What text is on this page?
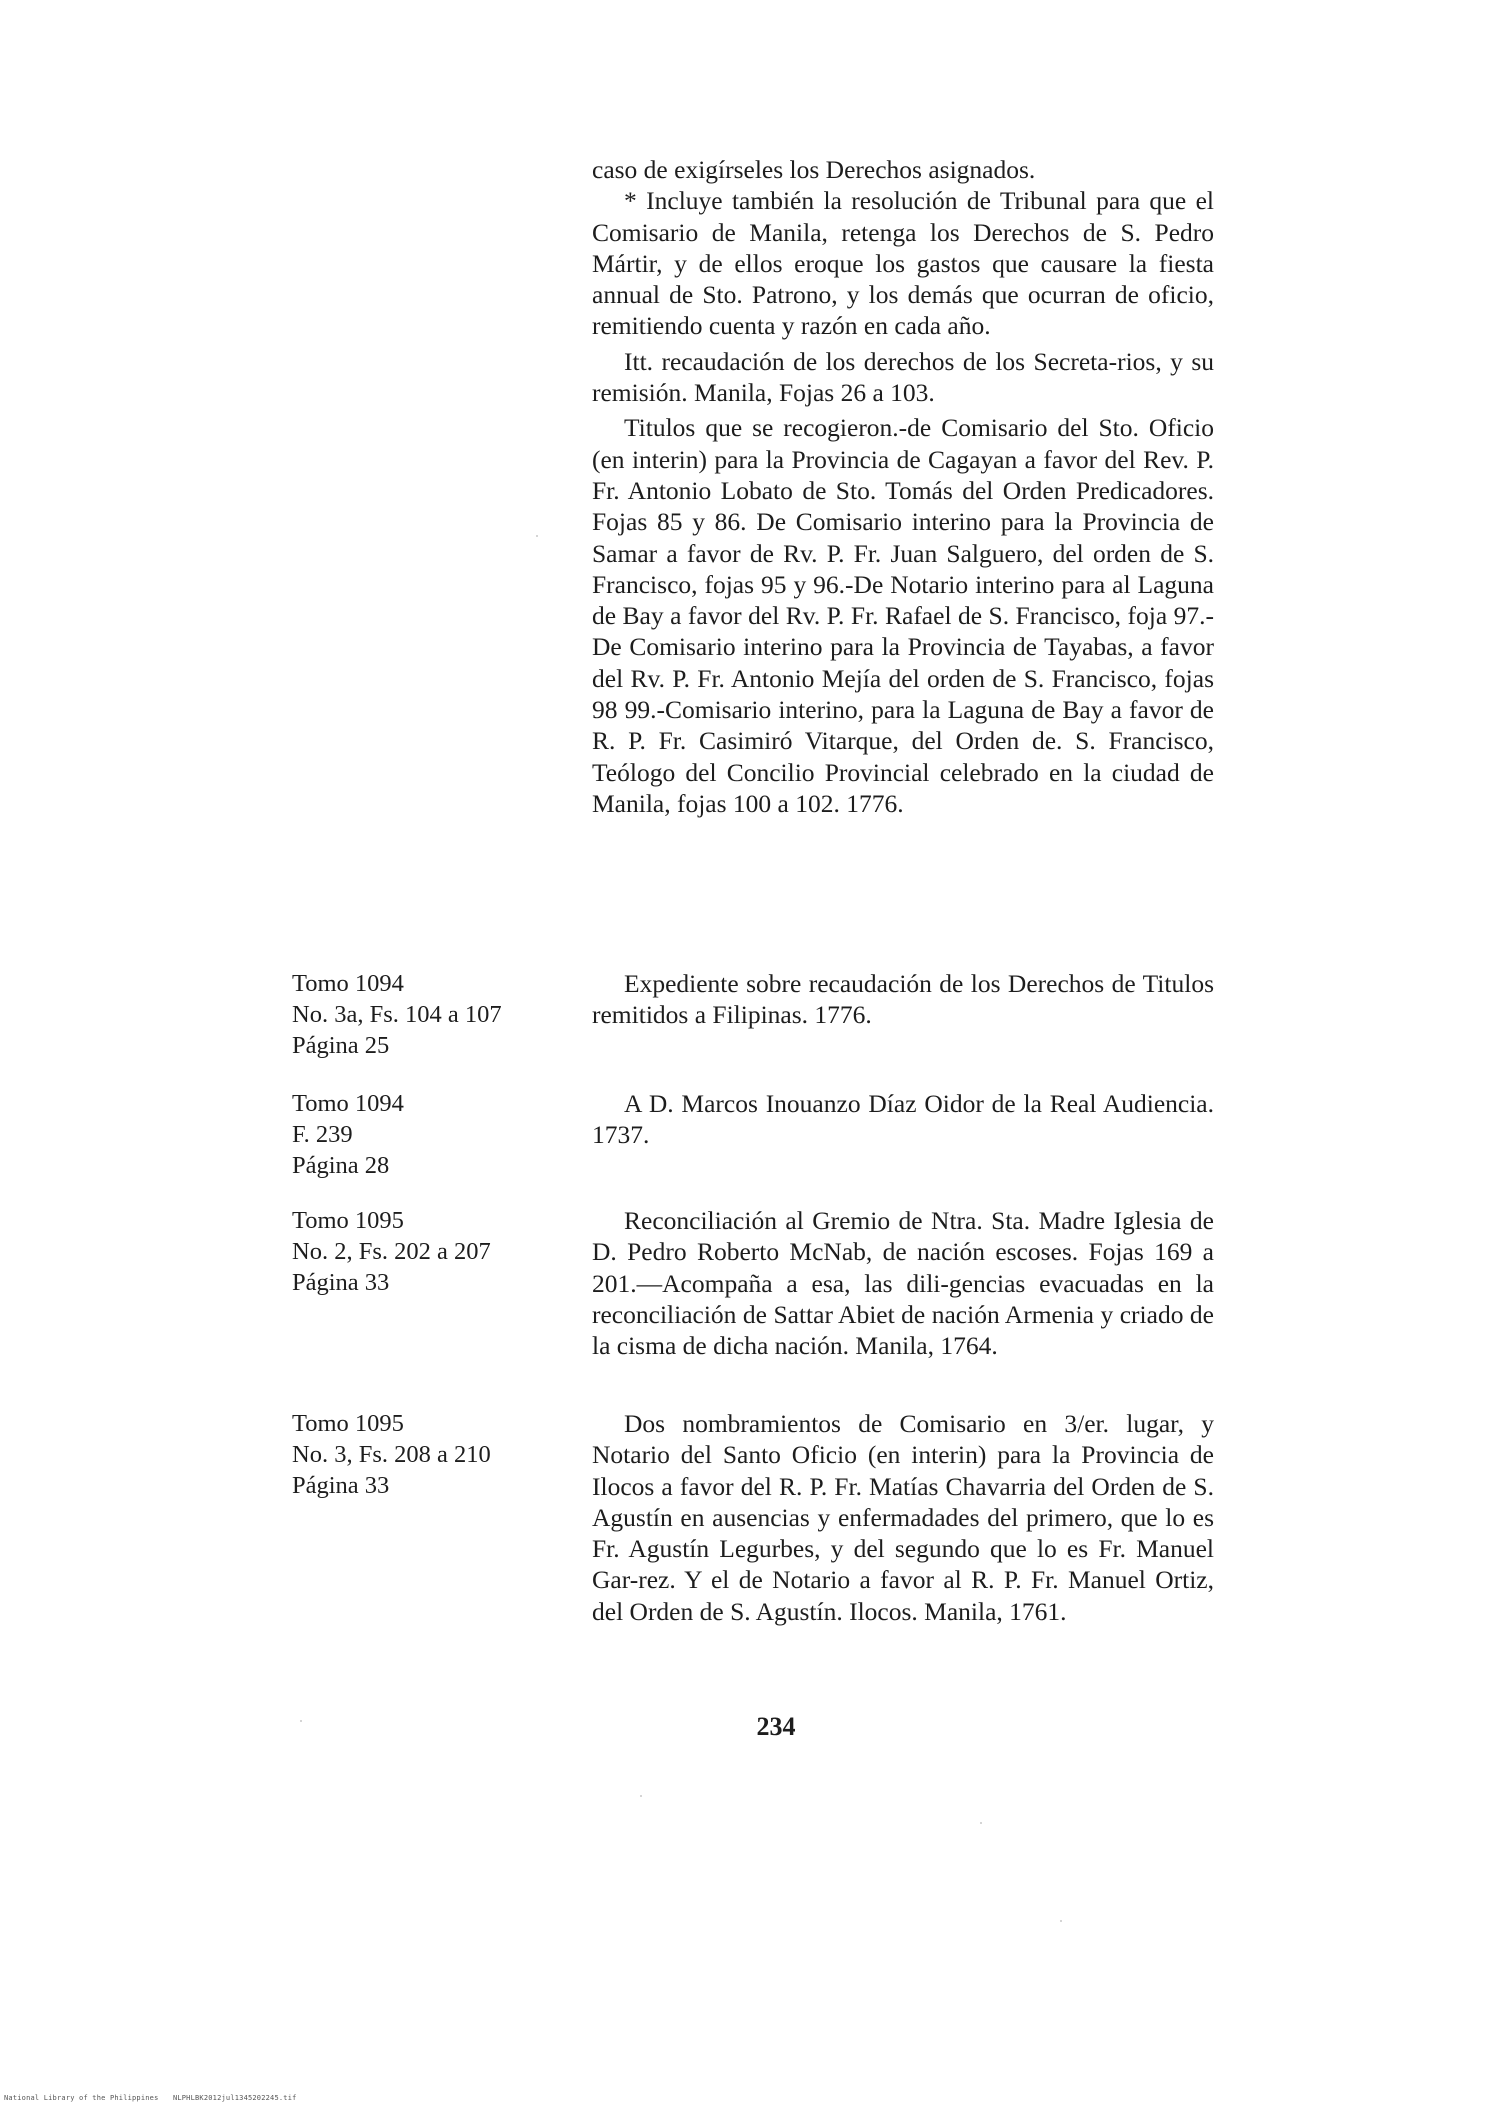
caso de exigírseles los Derechos asignados.

* Incluye también la resolución de Tribunal para que el Comisario de Manila, retenga los Derechos de S. Pedro Mártir, y de ellos eroque los gastos que causare la fiesta annual de Sto. Patrono, y los demás que ocurran de oficio, remitiendo cuenta y razón en cada año.

Itt. recaudación de los derechos de los Secreta-rios, y su remisión. Manila, Fojas 26 a 103.

Titulos que se recogieron.-de Comisario del Sto. Oficio (en interin) para la Provincia de Cagayan a favor del Rev. P. Fr. Antonio Lobato de Sto. Tomás del Orden Predicadores. Fojas 85 y 86. De Comisario interino para la Provincia de Samar a favor de Rv. P. Fr. Juan Salguero, del orden de S. Francisco, fojas 95 y 96.-De Notario interino para al Laguna de Bay a favor del Rv. P. Fr. Rafael de S. Francisco, foja 97.-De Comisario interino para la Provincia de Tayabas, a favor del Rv. P. Fr. Antonio Mejía del orden de S. Francisco, fojas 98 99.-Comisario interino, para la Laguna de Bay a favor de R. P. Fr. Casimiró Vitarque, del Orden de. S. Francisco, Teólogo del Concilio Provincial celebrado en la ciudad de Manila, fojas 100 a 102. 1776.

Tomo 1094
No. 3a, Fs. 104 a 107
Página 25

Expediente sobre recaudación de los Derechos de Titulos remitidos a Filipinas. 1776.

Tomo 1094
F. 239
Página 28

A D. Marcos Inouanzo Díaz Oidor de la Real Audiencia. 1737.

Tomo 1095
No. 2, Fs. 202 a 207
Página 33

Reconciliación al Gremio de Ntra. Sta. Madre Iglesia de D. Pedro Roberto McNab, de nación escoses. Fojas 169 a 201.—Acompaña a esa, las dili-gencias evacuadas en la reconciliación de Sattar Abiet de nación Armenia y criado de la cisma de dicha nación. Manila, 1764.

Tomo 1095
No. 3, Fs. 208 a 210
Página 33

Dos nombramientos de Comisario en 3/er. lugar, y Notario del Santo Oficio (en interin) para la Provincia de Ilocos a favor del R. P. Fr. Matías Chavarria del Orden de S. Agustín en ausencias y enfermadades del primero, que lo es Fr. Agustín Legurbes, y del segundo que lo es Fr. Manuel Gar-rez. Y el de Notario a favor al R. P. Fr. Manuel Ortiz, del Orden de S. Agustín. Ilocos. Manila, 1761.

234
National Library of the Philippines NLPHLBK2012jul1345202245.tif
